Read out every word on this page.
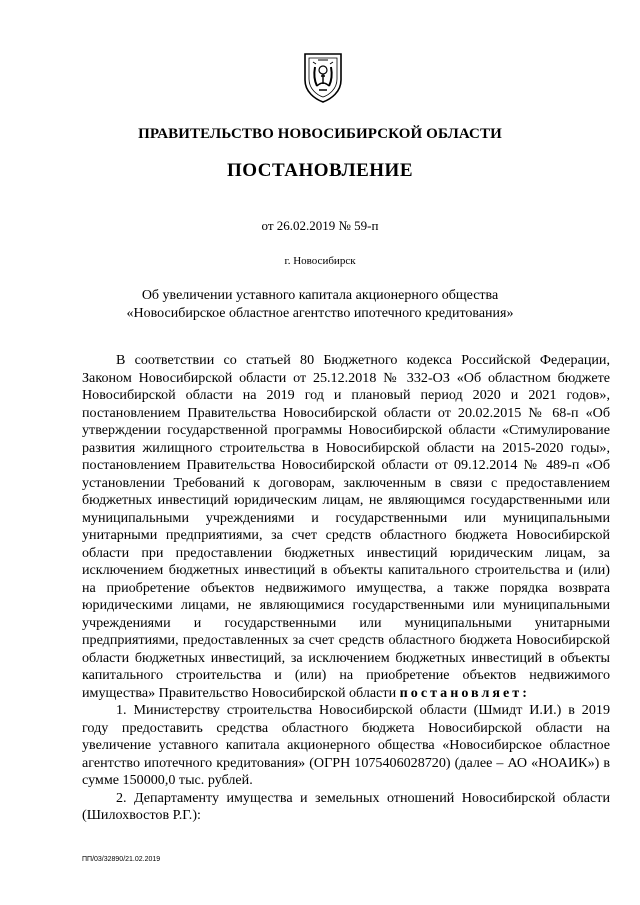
ПРАВИТЕЛЬСТВО НОВОСИБИРСКОЙ ОБЛАСТИ
ПОСТАНОВЛЕНИЕ
от 26.02.2019 № 59-п
г. Новосибирск
Об увеличении уставного капитала акционерного общества
«Новосибирское областное агентство ипотечного кредитования»

В соответствии со статьей 80 Бюджетного кодекса Российской Федерации, Законом Новосибирской области от 25.12.2018 № 332-ОЗ «Об областном бюджете Новосибирской области на 2019 год и плановый период 2020 и 2021 годов», постановлением Правительства Новосибирской области от 20.02.2015 № 68-п «Об утверждении государственной программы Новосибирской области «Стимулирование развития жилищного строительства в Новосибирской области на 2015-2020 годы», постановлением Правительства Новосибирской области от 09.12.2014 № 489-п «Об установлении Требований к договорам, заключенным в связи с предоставлением бюджетных инвестиций юридическим лицам, не являющимся государственными или муниципальными учреждениями и государственными или муниципальными унитарными предприятиями, за счет средств областного бюджета Новосибирской области при предоставлении бюджетных инвестиций юридическим лицам, за исключением бюджетных инвестиций в объекты капитального строительства и (или) на приобретение объектов недвижимого имущества, а также порядка возврата юридическими лицами, не являющимися государственными или муниципальными учреждениями и государственными или муниципальными унитарными предприятиями, предоставленных за счет средств областного бюджета Новосибирской области бюджетных инвестиций, за исключением бюджетных инвестиций в объекты капитального строительства и (или) на приобретение объектов недвижимого имущества» Правительство Новосибирской области постановляет:

1. Министерству строительства Новосибирской области (Шмидт И.И.) в 2019 году предоставить средства областного бюджета Новосибирской области на увеличение уставного капитала акционерного общества «Новосибирское областное агентство ипотечного кредитования» (ОГРН 1075406028720) (далее – АО «НОАИК») в сумме 150000,0 тыс. рублей.

2. Департаменту имущества и земельных отношений Новосибирской области (Шилохвостов Р.Г.):

ПП/03/32890/21.02.2019
